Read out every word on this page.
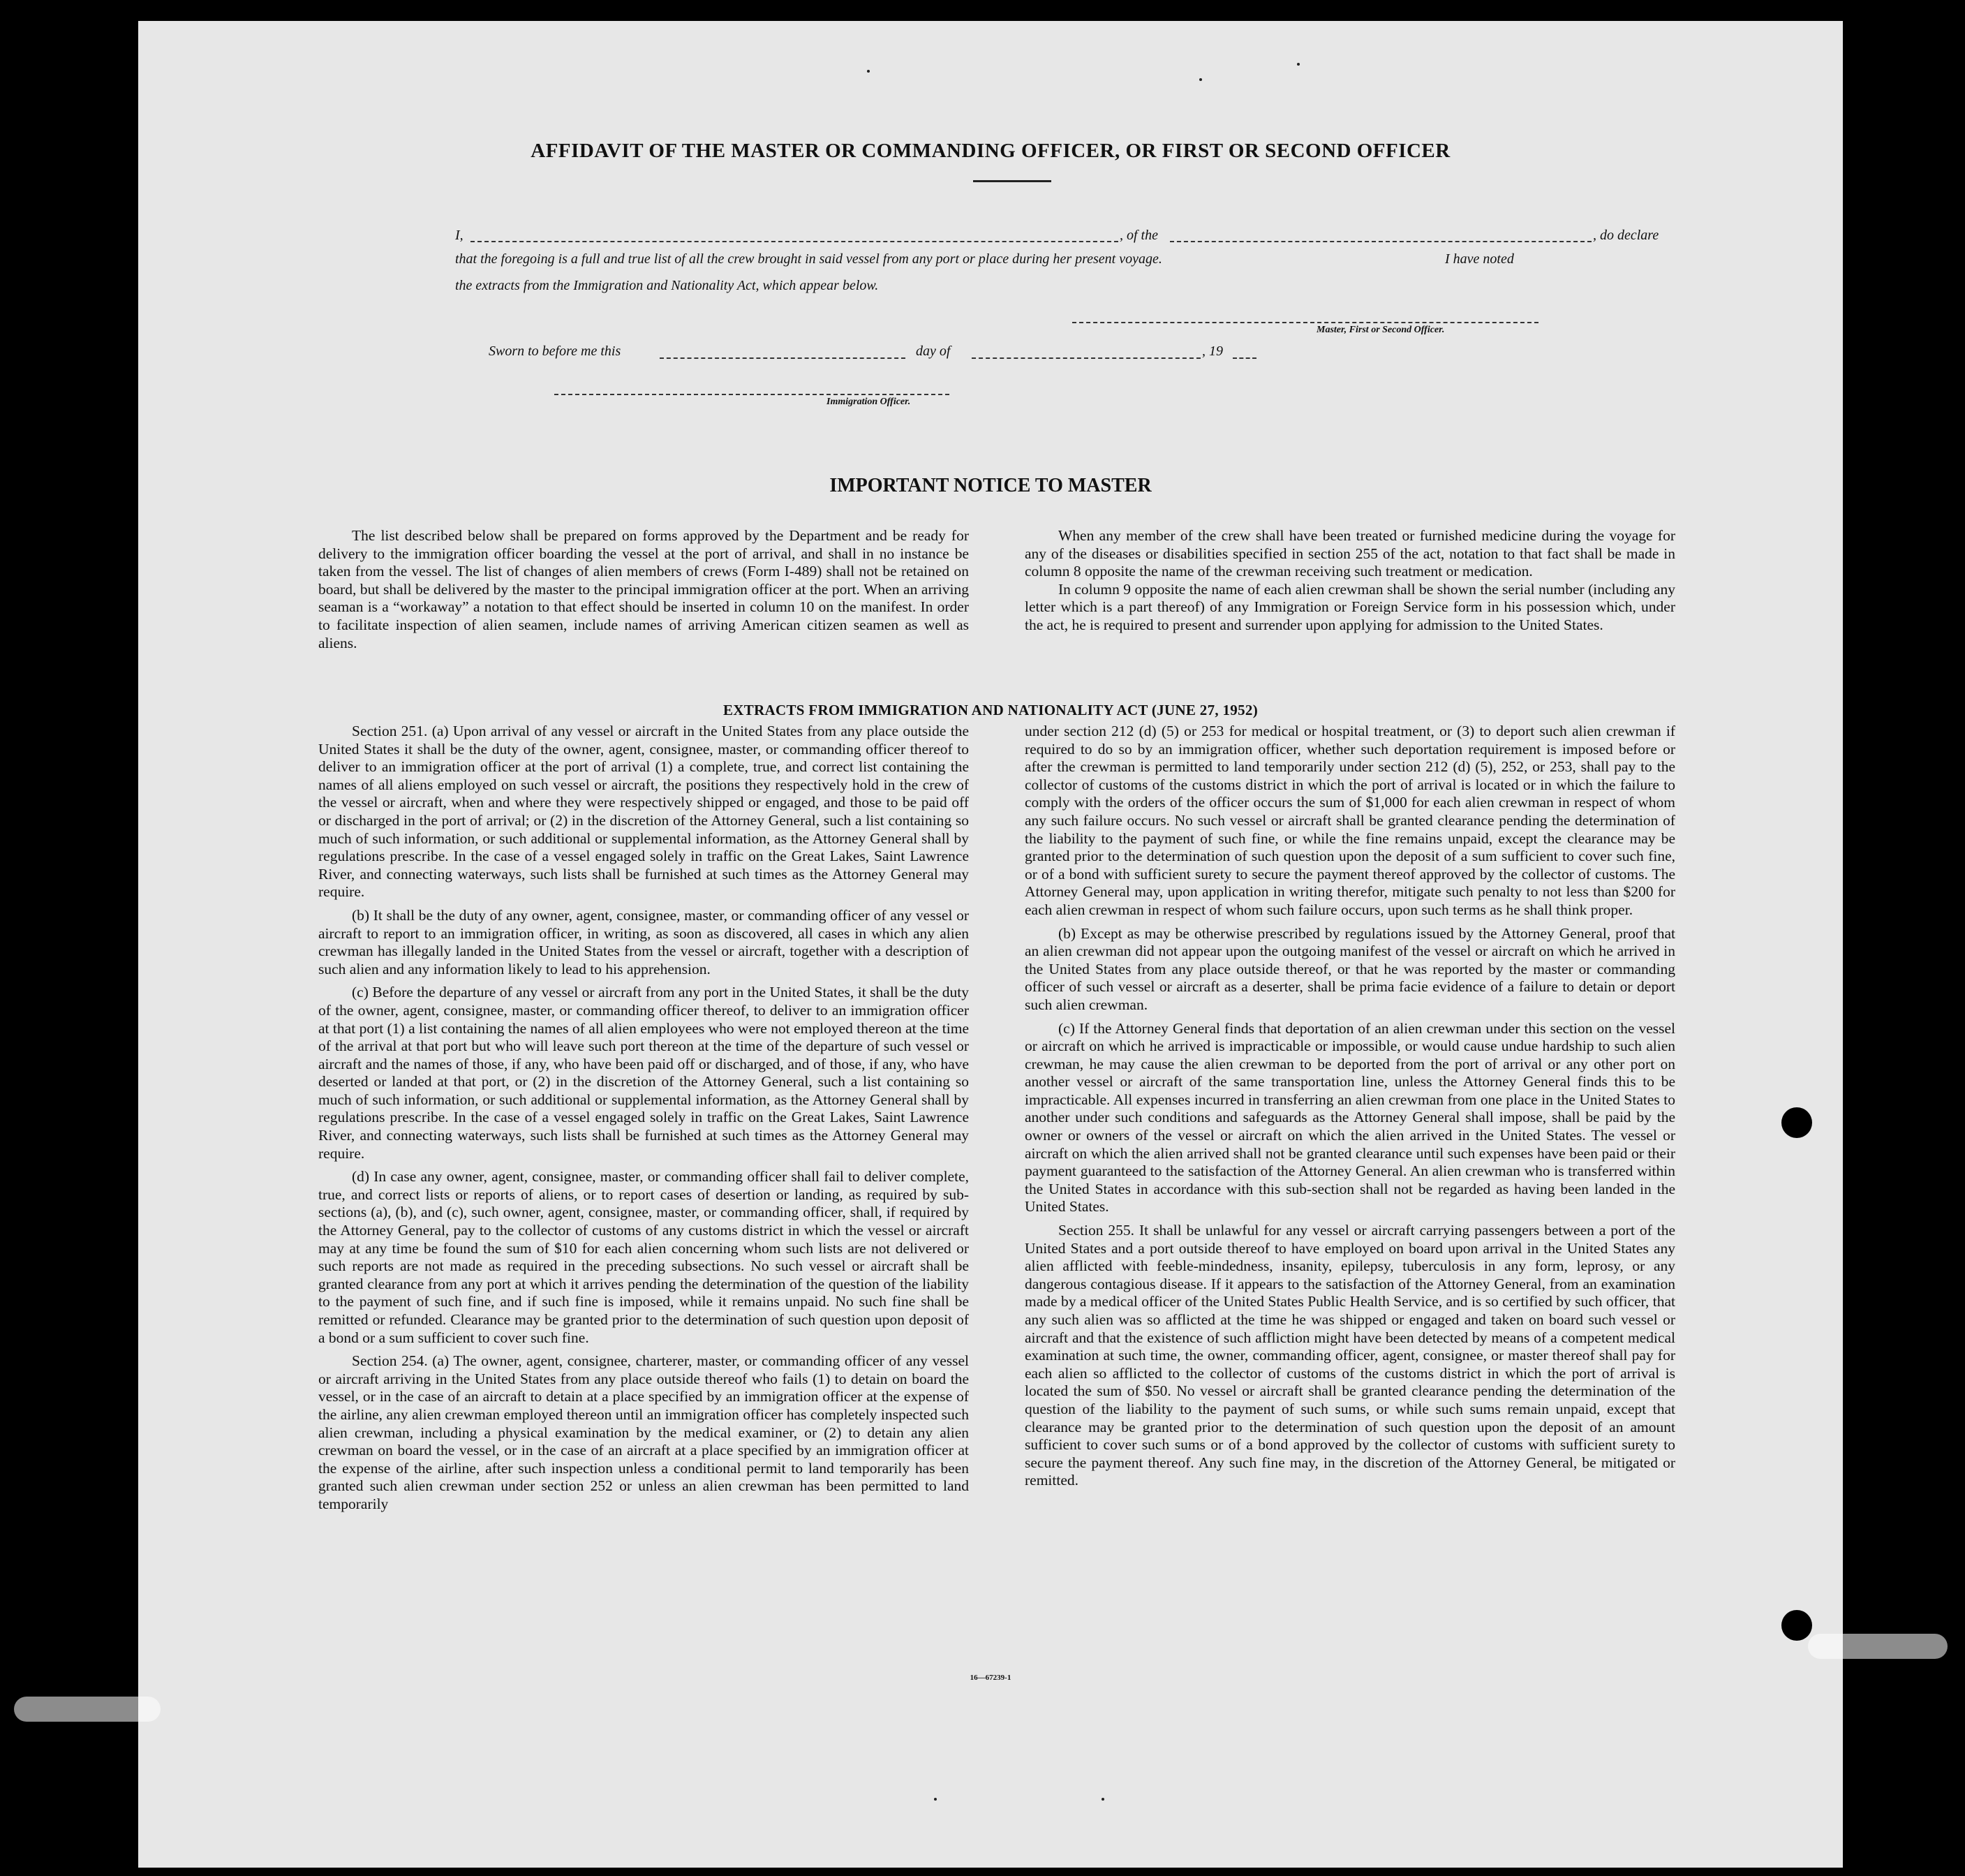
AFFIDAVIT OF THE MASTER OR COMMANDING OFFICER, OR FIRST OR SECOND OFFICER
I,	, of the	, do declare
that the foregoing is a full and true list of all the crew brought in said vessel from any port or place during her present voyage.	I have noted
the extracts from the Immigration and Nationality Act, which appear below.
Master, First or Second Officer.
Sworn to before me this	day of	, 19
Immigration Officer.
IMPORTANT NOTICE TO MASTER

The list described below shall be prepared on forms approved by the Department and be ready for delivery to the immigration officer boarding the vessel at the port of arrival, and shall in no instance be taken from the vessel. The list of changes of alien members of crews (Form I-489) shall not be retained on board, but shall be delivered by the master to the principal immigration officer at the port. When an arriving seaman is a “workaway” a notation to that effect should be inserted in column 10 on the manifest. In order to facilitate inspection of alien seamen, include names of arriving American citizen seamen as well as aliens.

When any member of the crew shall have been treated or furnished medicine during the voyage for any of the diseases or disabilities specified in section 255 of the act, notation to that fact shall be made in column 8 opposite the name of the crewman receiving such treatment or medication.

In column 9 opposite the name of each alien crewman shall be shown the serial number (including any letter which is a part thereof) of any Immigration or Foreign Service form in his possession which, under the act, he is required to present and surrender upon applying for admission to the United States.

EXTRACTS FROM IMMIGRATION AND NATIONALITY ACT (JUNE 27, 1952)

Section 251. (a) Upon arrival of any vessel or aircraft in the United States from any place outside the United States it shall be the duty of the owner, agent, consignee, master, or commanding officer thereof to deliver to an immigration officer at the port of arrival (1) a complete, true, and correct list containing the names of all aliens employed on such vessel or aircraft, the positions they respectively hold in the crew of the vessel or aircraft, when and where they were respectively shipped or engaged, and those to be paid off or discharged in the port of arrival; or (2) in the discretion of the Attorney General, such a list containing so much of such information, or such additional or supplemental information, as the Attorney General shall by regulations prescribe. In the case of a vessel engaged solely in traffic on the Great Lakes, Saint Lawrence River, and connecting waterways, such lists shall be furnished at such times as the Attorney General may require.

(b) It shall be the duty of any owner, agent, consignee, master, or commanding officer of any vessel or aircraft to report to an immigration officer, in writing, as soon as discovered, all cases in which any alien crewman has illegally landed in the United States from the vessel or aircraft, together with a description of such alien and any information likely to lead to his apprehension.

(c) Before the departure of any vessel or aircraft from any port in the United States, it shall be the duty of the owner, agent, consignee, master, or commanding officer thereof, to deliver to an immigration officer at that port (1) a list containing the names of all alien employees who were not employed thereon at the time of the arrival at that port but who will leave such port thereon at the time of the departure of such vessel or aircraft and the names of those, if any, who have been paid off or discharged, and of those, if any, who have deserted or landed at that port, or (2) in the discretion of the Attorney General, such a list containing so much of such information, or such additional or supplemental information, as the Attorney General shall by regulations prescribe. In the case of a vessel engaged solely in traffic on the Great Lakes, Saint Lawrence River, and connecting waterways, such lists shall be furnished at such times as the Attorney General may require.

(d) In case any owner, agent, consignee, master, or commanding officer shall fail to deliver complete, true, and correct lists or reports of aliens, or to report cases of desertion or landing, as required by sub-sections (a), (b), and (c), such owner, agent, consignee, master, or commanding officer, shall, if required by the Attorney General, pay to the collector of customs of any customs district in which the vessel or aircraft may at any time be found the sum of $10 for each alien concerning whom such lists are not delivered or such reports are not made as required in the preceding subsections. No such vessel or aircraft shall be granted clearance from any port at which it arrives pending the determination of the question of the liability to the payment of such fine, and if such fine is imposed, while it remains unpaid. No such fine shall be remitted or refunded. Clearance may be granted prior to the determination of such question upon deposit of a bond or a sum sufficient to cover such fine.

Section 254. (a) The owner, agent, consignee, charterer, master, or commanding officer of any vessel or aircraft arriving in the United States from any place outside thereof who fails (1) to detain on board the vessel, or in the case of an aircraft to detain at a place specified by an immigration officer at the expense of the airline, any alien crewman employed thereon until an immigration officer has completely inspected such alien crewman, including a physical examination by the medical examiner, or (2) to detain any alien crewman on board the vessel, or in the case of an aircraft at a place specified by an immigration officer at the expense of the airline, after such inspection unless a conditional permit to land temporarily has been granted such alien crewman under section 252 or unless an alien crewman has been permitted to land temporarily

under section 212 (d) (5) or 253 for medical or hospital treatment, or (3) to deport such alien crewman if required to do so by an immigration officer, whether such deportation requirement is imposed before or after the crewman is permitted to land temporarily under section 212 (d) (5), 252, or 253, shall pay to the collector of customs of the customs district in which the port of arrival is located or in which the failure to comply with the orders of the officer occurs the sum of $1,000 for each alien crewman in respect of whom any such failure occurs. No such vessel or aircraft shall be granted clearance pending the determination of the liability to the payment of such fine, or while the fine remains unpaid, except the clearance may be granted prior to the determination of such question upon the deposit of a sum sufficient to cover such fine, or of a bond with sufficient surety to secure the payment thereof approved by the collector of customs. The Attorney General may, upon application in writing therefor, mitigate such penalty to not less than $200 for each alien crewman in respect of whom such failure occurs, upon such terms as he shall think proper.

(b) Except as may be otherwise prescribed by regulations issued by the Attorney General, proof that an alien crewman did not appear upon the outgoing manifest of the vessel or aircraft on which he arrived in the United States from any place outside thereof, or that he was reported by the master or commanding officer of such vessel or aircraft as a deserter, shall be prima facie evidence of a failure to detain or deport such alien crewman.

(c) If the Attorney General finds that deportation of an alien crewman under this section on the vessel or aircraft on which he arrived is impracticable or impossible, or would cause undue hardship to such alien crewman, he may cause the alien crewman to be deported from the port of arrival or any other port on another vessel or aircraft of the same transportation line, unless the Attorney General finds this to be impracticable. All expenses incurred in transferring an alien crewman from one place in the United States to another under such conditions and safeguards as the Attorney General shall impose, shall be paid by the owner or owners of the vessel or aircraft on which the alien arrived in the United States. The vessel or aircraft on which the alien arrived shall not be granted clearance until such expenses have been paid or their payment guaranteed to the satisfaction of the Attorney General. An alien crewman who is transferred within the United States in accordance with this sub-section shall not be regarded as having been landed in the United States.

Section 255. It shall be unlawful for any vessel or aircraft carrying passengers between a port of the United States and a port outside thereof to have employed on board upon arrival in the United States any alien afflicted with feeble-mindedness, insanity, epilepsy, tuberculosis in any form, leprosy, or any dangerous contagious disease. If it appears to the satisfaction of the Attorney General, from an examination made by a medical officer of the United States Public Health Service, and is so certified by such officer, that any such alien was so afflicted at the time he was shipped or engaged and taken on board such vessel or aircraft and that the existence of such affliction might have been detected by means of a competent medical examination at such time, the owner, commanding officer, agent, consignee, or master thereof shall pay for each alien so afflicted to the collector of customs of the customs district in which the port of arrival is located the sum of $50. No vessel or aircraft shall be granted clearance pending the determination of the question of the liability to the payment of such sums, or while such sums remain unpaid, except that clearance may be granted prior to the determination of such question upon the deposit of an amount sufficient to cover such sums or of a bond approved by the collector of customs with sufficient surety to secure the payment thereof. Any such fine may, in the discretion of the Attorney General, be mitigated or remitted.

16—67239-1
